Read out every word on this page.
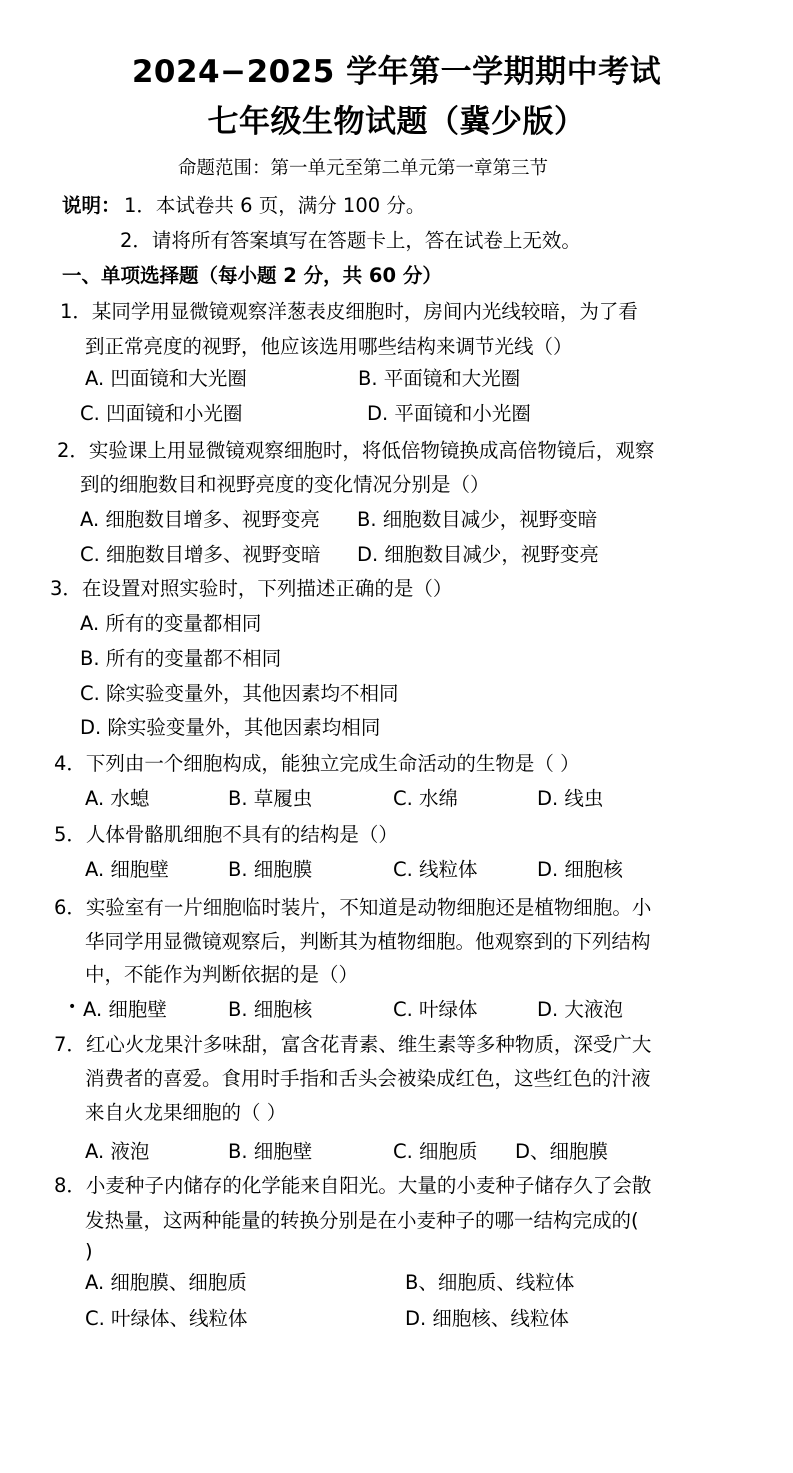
2024−2025 学年第一学期期中考试
七年级生物试题（冀少版）
命题范围：第一单元至第二单元第一章第三节
说明： 1．本试卷共 6 页，满分 100 分。
2．请将所有答案填写在答题卡上，答在试卷上无效。
一、单项选择题（每小题 2 分，共 60 分）
1．某同学用显微镜观察洋葱表皮细胞时，房间内光线较暗，为了看
到正常亮度的视野，他应该选用哪些结构来调节光线（）
A. 凹面镜和大光圈	B. 平面镜和大光圈
C. 凹面镜和小光圈	D. 平面镜和小光圈
2．实验课上用显微镜观察细胞时，将低倍物镜换成高倍物镜后，观察
到的细胞数目和视野亮度的变化情况分别是（）
A. 细胞数目增多、视野变亮 B. 细胞数目减少，视野变暗
C. 细胞数目增多、视野变暗 D. 细胞数目减少，视野变亮
3．在设置对照实验时，下列描述正确的是（）
A. 所有的变量都相同
B. 所有的变量都不相同
C. 除实验变量外，其他因素均不相同
D. 除实验变量外，其他因素均相同
4．下列由一个细胞构成，能独立完成生命活动的生物是（ ）
A. 水螅	B. 草履虫	C. 水绵	D. 线虫
5．人体骨骼肌细胞不具有的结构是（）
A. 细胞壁	B. 细胞膜	C. 线粒体	D. 细胞核
6．实验室有一片细胞临时装片，不知道是动物细胞还是植物细胞。小
华同学用显微镜观察后，判断其为植物细胞。他观察到的下列结构
中，不能作为判断依据的是（）
• A. 细胞壁	B. 细胞核	C. 叶绿体	D. 大液泡
7．红心火龙果汁多味甜，富含花青素、维生素等多种物质，深受广大
消费者的喜爱。食用时手指和舌头会被染成红色，这些红色的汁液
来自火龙果细胞的（ ）
A. 液泡	B. 细胞壁	C. 细胞质 D、细胞膜
8．小麦种子内储存的化学能来自阳光。大量的小麦种子储存久了会散
发热量，这两种能量的转换分别是在小麦种子的哪一结构完成的(
)
A. 细胞膜、细胞质	B、细胞质、线粒体
C. 叶绿体、线粒体	D. 细胞核、线粒体
